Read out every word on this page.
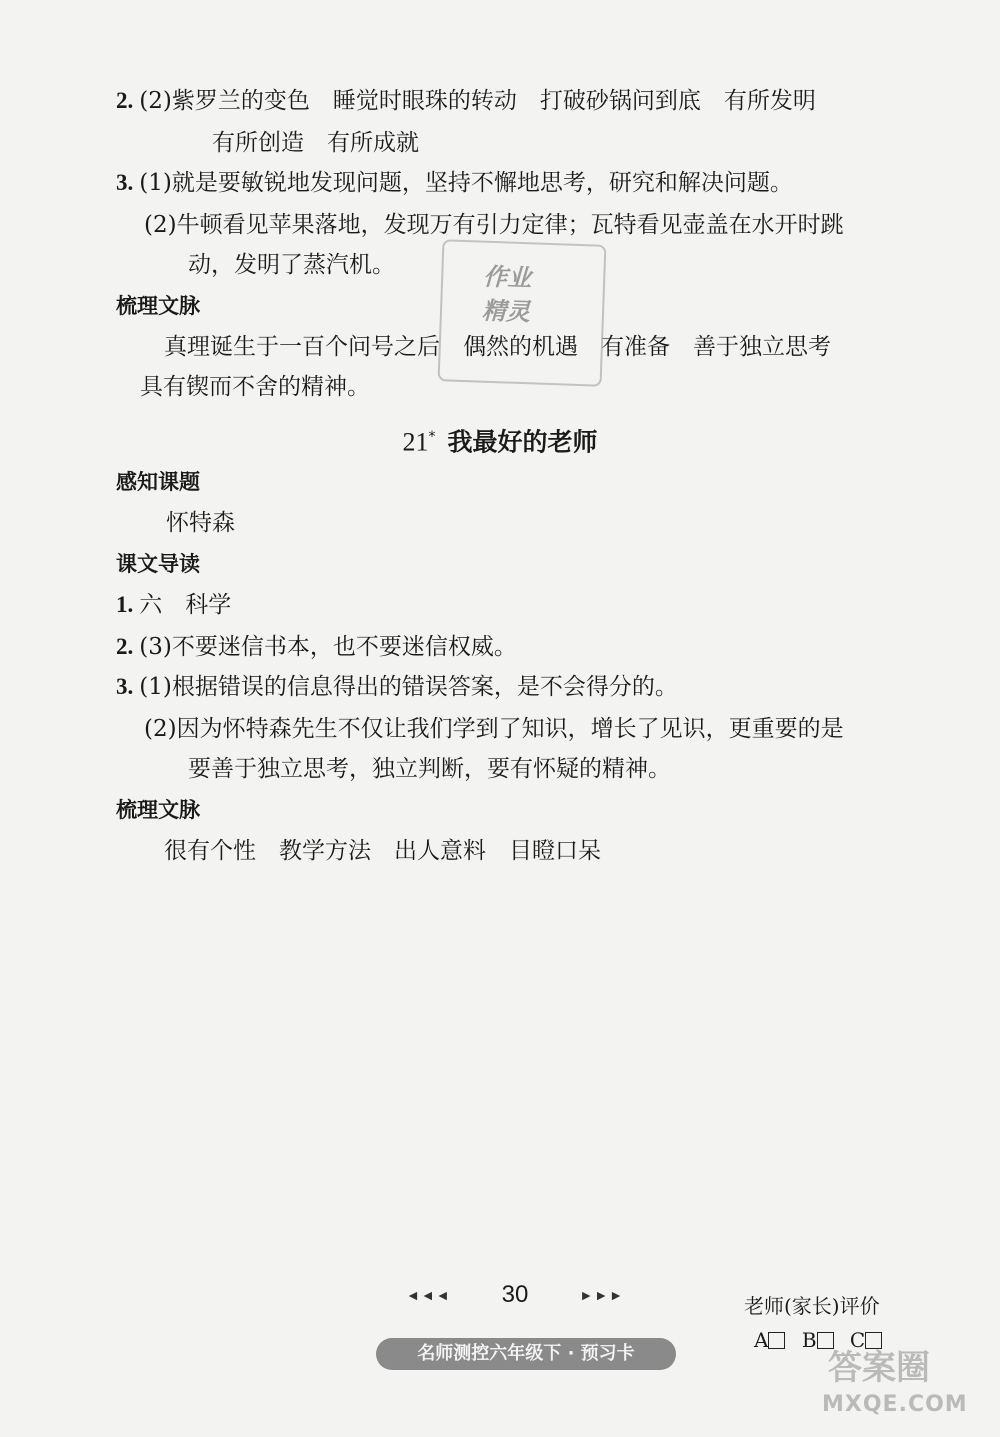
2. (2)紫罗兰的变色　睡觉时眼珠的转动　打破砂锅问到底　有所发明
有所创造　有所成就
3. (1)就是要敏锐地发现问题，坚持不懈地思考，研究和解决问题。
(2)牛顿看见苹果落地，发现万有引力定律；瓦特看见壶盖在水开时跳
动，发明了蒸汽机。
梳理文脉
真理诞生于一百个问号之后　偶然的机遇　有准备　善于独立思考
具有锲而不舍的精神。
作业
精灵
21* 我最好的老师
感知课题
怀特森
课文导读
1. 六　科学
2. (3)不要迷信书本，也不要迷信权威。
3. (1)根据错误的信息得出的错误答案，是不会得分的。
(2)因为怀特森先生不仅让我们学到了知识，增长了见识，更重要的是
要善于独立思考，独立判断，要有怀疑的精神。
梳理文脉
很有个性　教学方法　出人意料　目瞪口呆
◄◄◄ 30	►►►	老师(家长)评价
A B C
名师测控六年级下 · 预习卡	答案圈
MXQE.COM
